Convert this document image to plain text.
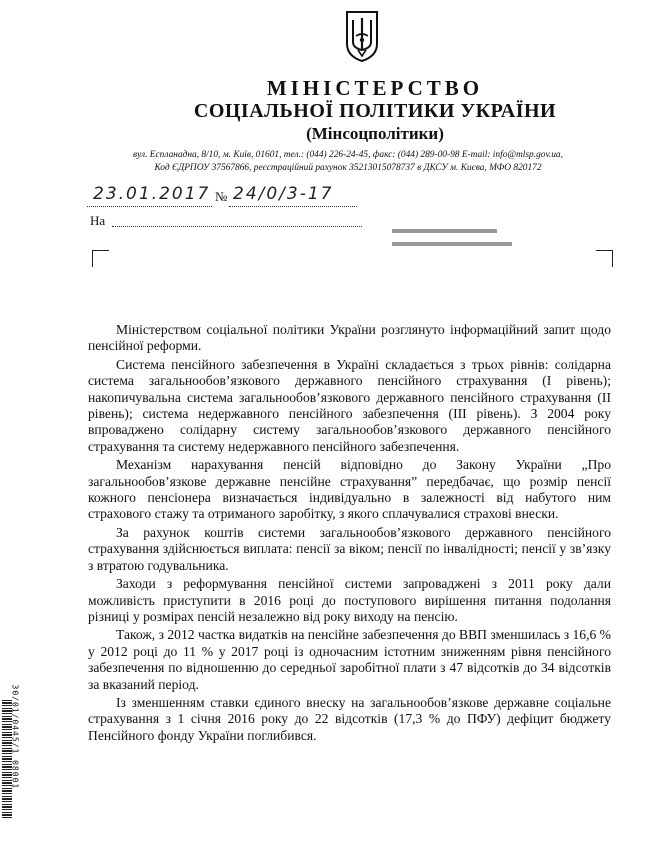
МІНІСТЕРСТВО
СОЦІАЛЬНОЇ ПОЛІТИКИ УКРАЇНИ
(Мінсоцполітики)
вул. Еспланадна, 8/10, м. Київ, 01601, тел.: (044) 226-24-45, факс: (044) 289-00-98 E-mail: info@mlsp.gov.ua,
Код ЄДРПОУ 37567866, реєстраційний рахунок 35213015078737 в ДКСУ м. Києва, МФО 820172
23.01.2017 № 24/0/3-17
На

Міністерством соціальної політики України розглянуто інформаційний запит щодо пенсійної реформи.

Система пенсійного забезпечення в Україні складається з трьох рівнів: солідарна система загальнообов’язкового державного пенсійного страхування (І рівень); накопичувальна система загальнообов’язкового державного пенсійного страхування (ІІ рівень); система недержавного пенсійного забезпечення (ІІІ рівень). З 2004 року впроваджено солідарну систему загальнообов’язкового державного пенсійного страхування та систему недержавного пенсійного забезпечення.

Механізм нарахування пенсій відповідно до Закону України „Про загальнообов’язкове державне пенсійне страхування” передбачає, що розмір пенсії кожного пенсіонера визначається індивідуально в залежності від набутого ним страхового стажу та отриманого заробітку, з якого сплачувалися страхові внески.

За рахунок коштів системи загальнообов’язкового державного пенсійного страхування здійснюється виплата: пенсії за віком; пенсії по інвалідності; пенсії у зв’язку з втратою годувальника.

Заходи з реформування пенсійної системи запроваджені з 2011 року дали можливість приступити в 2016 році до поступового вирішення питання подолання різниці у розмірах пенсій незалежно від року виходу на пенсію.

Також, з 2012 частка видатків на пенсійне забезпечення до ВВП зменшилась з 16,6 % у 2012 році до 11 % у 2017 році із одночасним істотним зниженням рівня пенсійного забезпечення по відношенню до середньої заробітної плати з 47 відсотків до 34 відсотків за вказаний період.

Із зменшенням ставки єдиного внеску на загальнообов’язкове державне соціальне страхування з 1 січня 2016 року до 22 відсотків (17,3 % до ПФУ) дефіцит бюджету Пенсійного фонду України поглибився.

30/01/0445/1 08001
